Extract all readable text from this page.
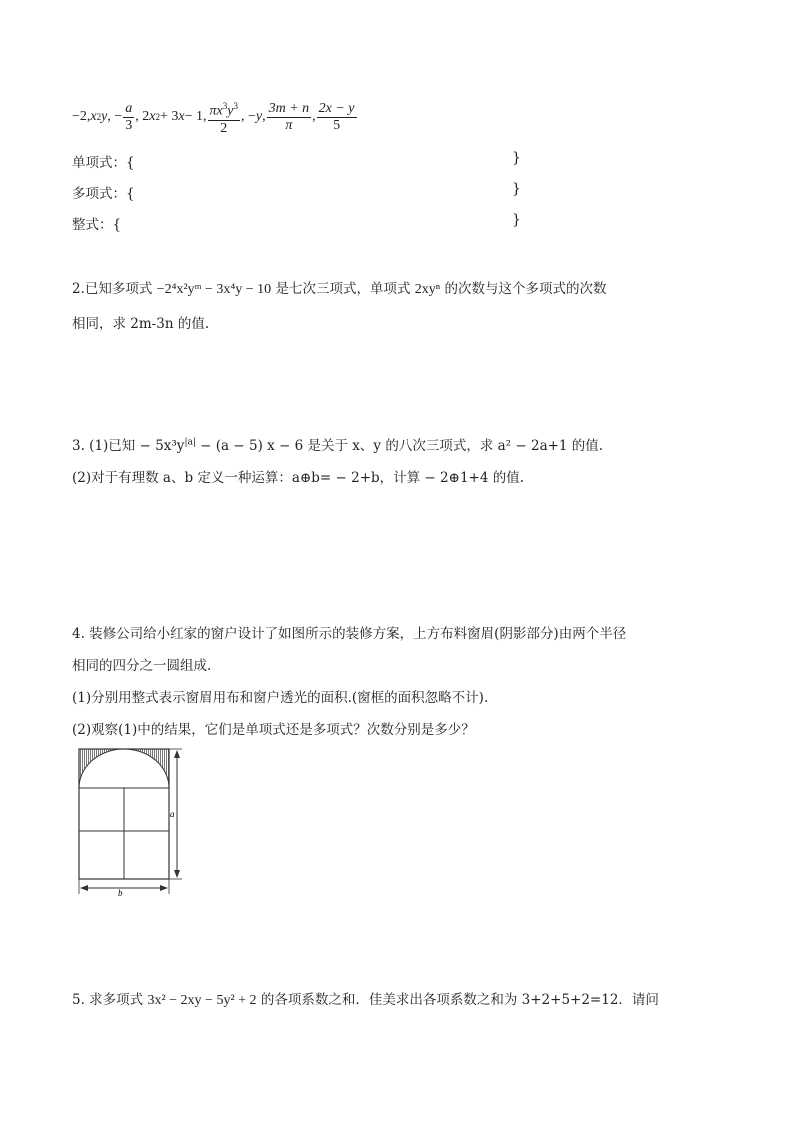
−2, x 2 y , − $\frac{a}{3}$ , 2 x 2 + 3 x − 1, $\frac{\pi x^3y^3}{2}$ , − y , $\frac{3m + n}{\pi}$ , $\frac{2x - y}{5}$
单项式：{	}
多项式：{	}
整式：{	}
2.已知多项式 −2⁴x²yᵐ − 3x⁴y − 10 是七次三项式，单项式 2xyⁿ 的次数与这个多项式的次数
相同，求 2m-3n 的值.
3. (1)已知 − $5x^3y^{|a|} - (a - 5) x - 6$ 是关于 x、y 的八次三项式，求 a² − 2a+1 的值.
(2)对于有理数 a、b 定义一种运算：a⊕b= − 2+b，计算 − 2⊕1+4 的值.
4. 装修公司给小红家的窗户设计了如图所示的装修方案，上方布料窗眉(阴影部分)由两个半径
相同的四分之一圆组成.
(1)分别用整式表示窗眉用布和窗户透光的面积.(窗框的面积忽略不计).
(2)观察(1)中的结果，它们是单项式还是多项式？次数分别是多少？
a
b
5. 求多项式 3x² − 2xy − 5y² + 2 的各项系数之和．佳美求出各项系数之和为 3+2+5+2=12．请问
